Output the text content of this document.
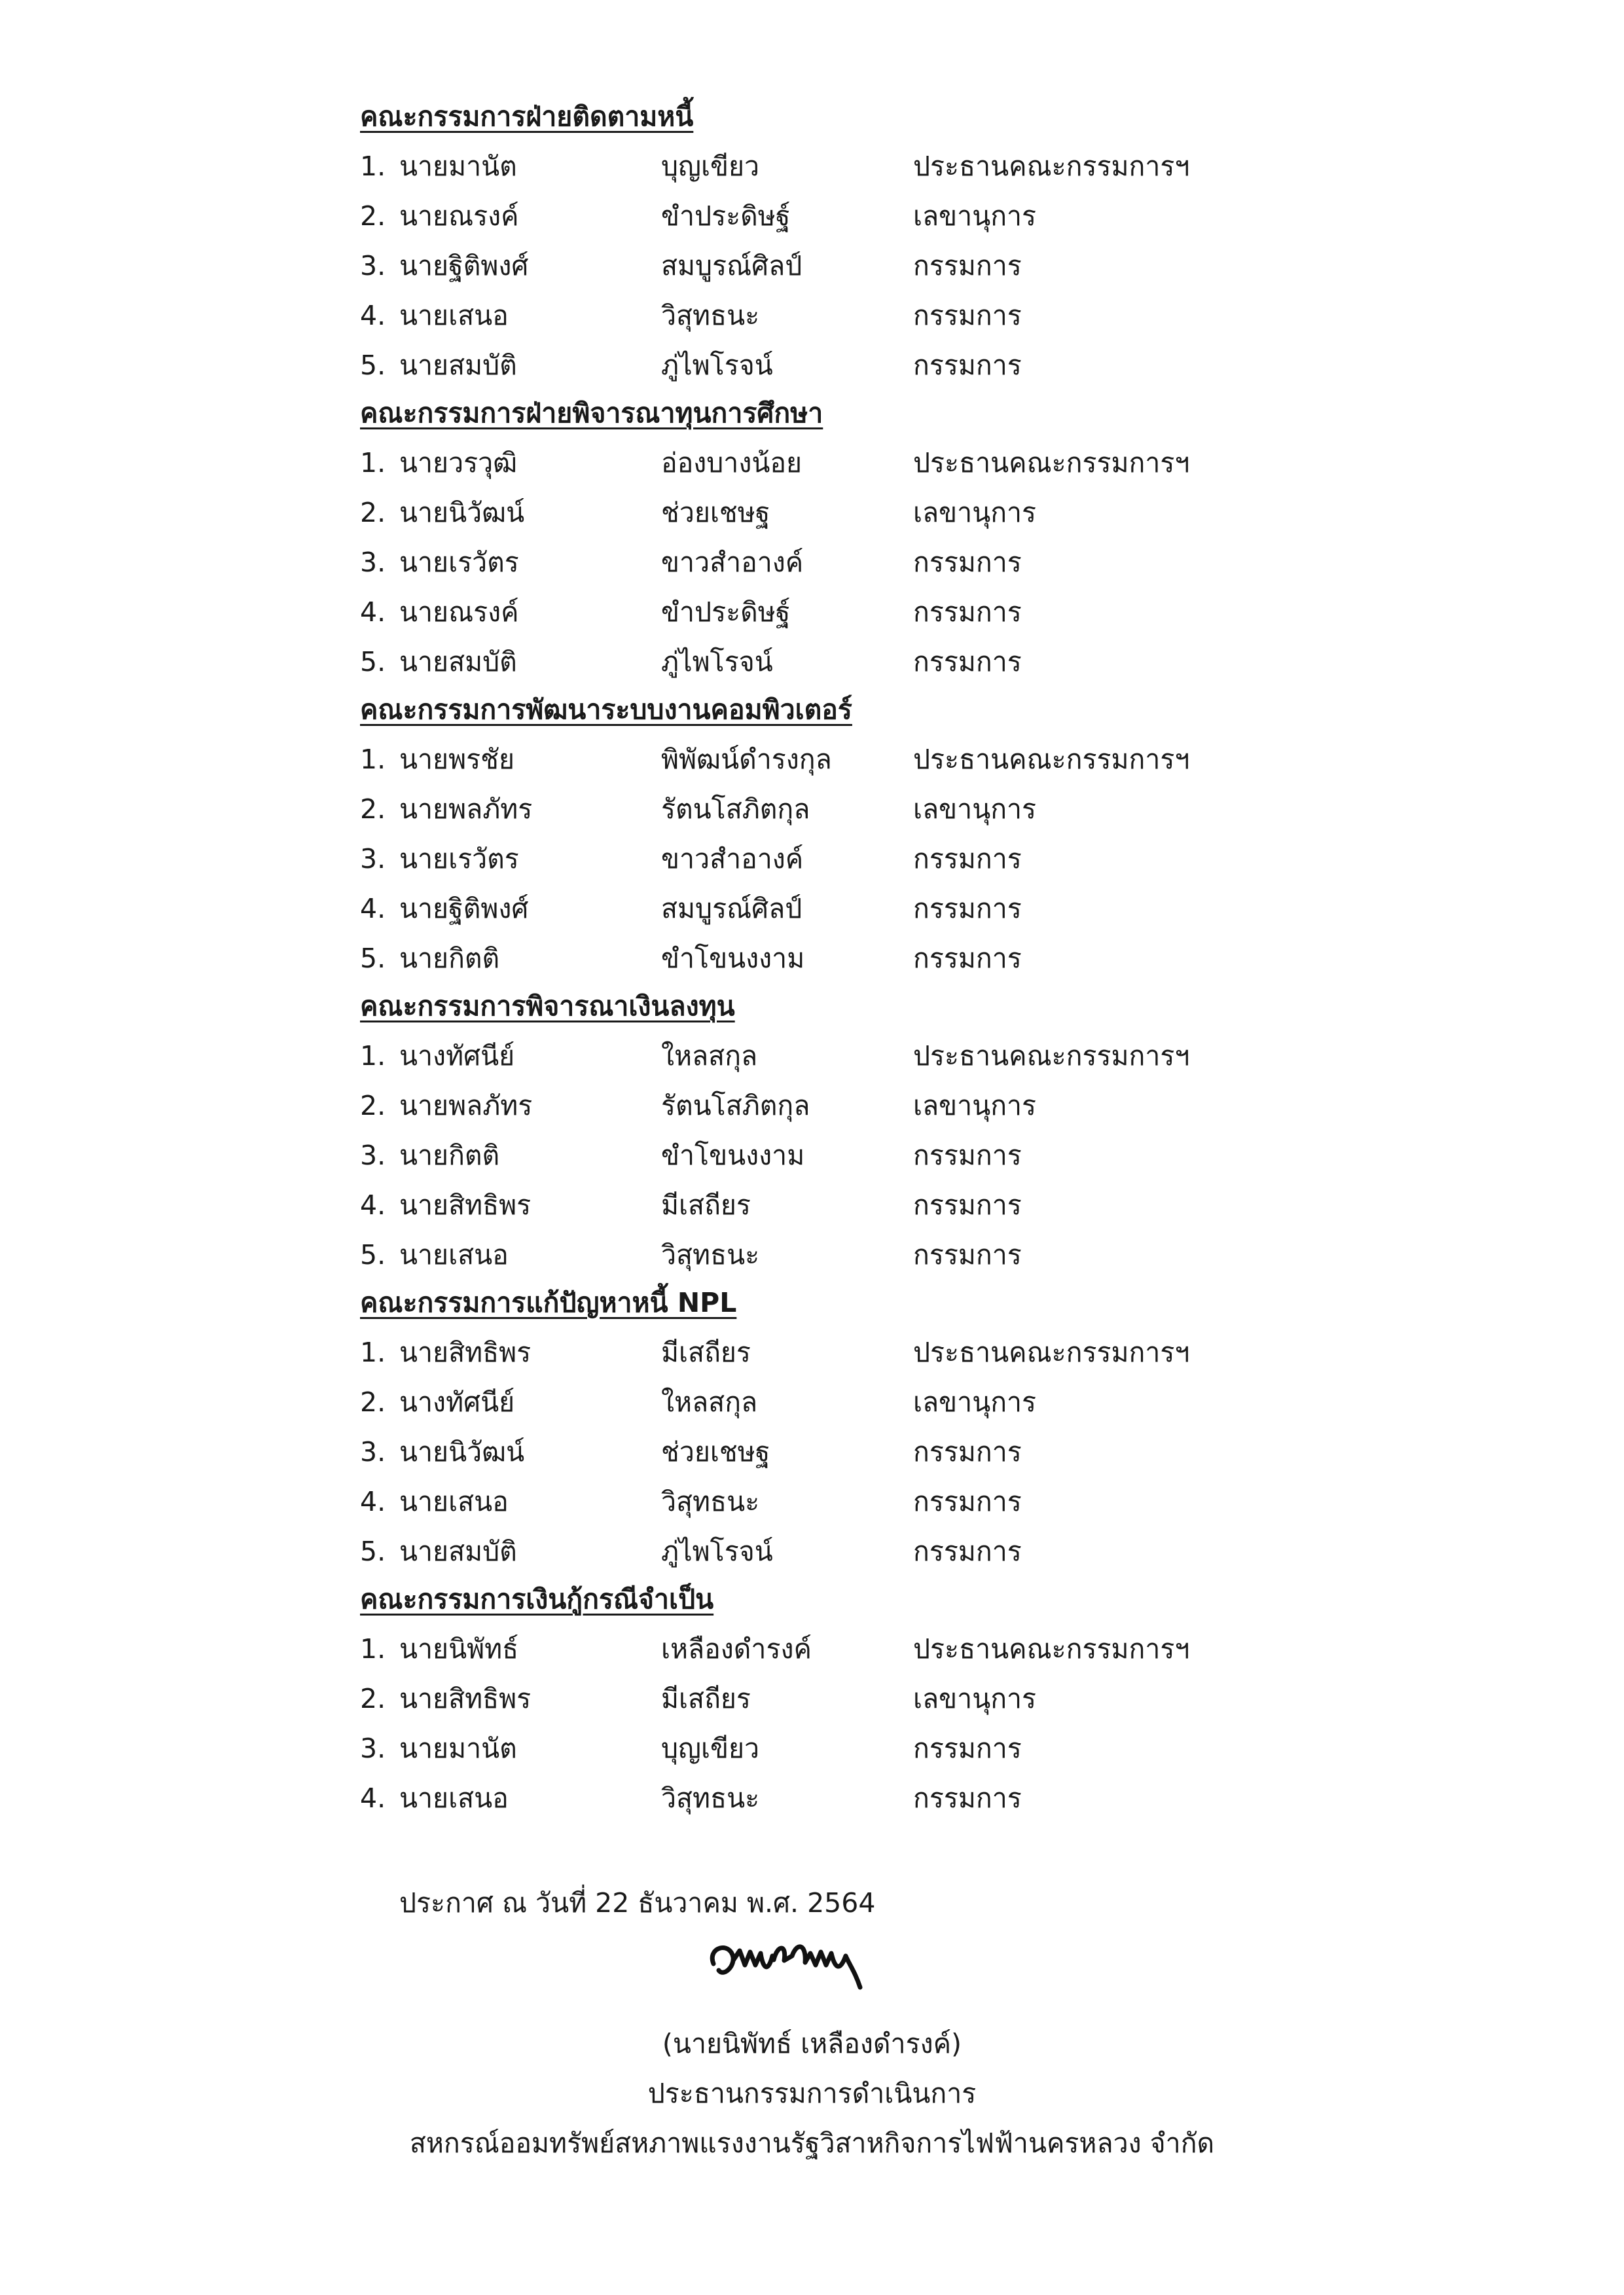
คณะกรรมการฝ่ายติดตามหนี้
1. นายมานัต	บุญเขียว	ประธานคณะกรรมการฯ
2. นายณรงค์	ขำประดิษฐ์	เลขานุการ
3. นายฐิติพงศ์	สมบูรณ์ศิลป์	กรรมการ
4. นายเสนอ	วิสุทธนะ	กรรมการ
5. นายสมบัติ	ภู่ไพโรจน์	กรรมการ
คณะกรรมการฝ่ายพิจารณาทุนการศึกษา
1. นายวรวุฒิ	อ่องบางน้อย	ประธานคณะกรรมการฯ
2. นายนิวัฒน์	ช่วยเชษฐ	เลขานุการ
3. นายเรวัตร	ขาวสำอางค์	กรรมการ
4. นายณรงค์	ขำประดิษฐ์	กรรมการ
5. นายสมบัติ	ภู่ไพโรจน์	กรรมการ
คณะกรรมการพัฒนาระบบงานคอมพิวเตอร์
1. นายพรชัย	พิพัฒน์ดำรงกุล	ประธานคณะกรรมการฯ
2. นายพลภัทร	รัตนโสภิตกุล	เลขานุการ
3. นายเรวัตร	ขาวสำอางค์	กรรมการ
4. นายฐิติพงศ์	สมบูรณ์ศิลป์	กรรมการ
5. นายกิตติ	ขำโขนงงาม	กรรมการ
คณะกรรมการพิจารณาเงินลงทุน
1. นางทัศนีย์	ใหลสกุล	ประธานคณะกรรมการฯ
2. นายพลภัทร	รัตนโสภิตกุล	เลขานุการ
3. นายกิตติ	ขำโขนงงาม	กรรมการ
4. นายสิทธิพร	มีเสถียร	กรรมการ
5. นายเสนอ	วิสุทธนะ	กรรมการ
คณะกรรมการแก้ปัญหาหนี้ NPL
1. นายสิทธิพร	มีเสถียร	ประธานคณะกรรมการฯ
2. นางทัศนีย์	ใหลสกุล	เลขานุการ
3. นายนิวัฒน์	ช่วยเชษฐ	กรรมการ
4. นายเสนอ	วิสุทธนะ	กรรมการ
5. นายสมบัติ	ภู่ไพโรจน์	กรรมการ
คณะกรรมการเงินกู้กรณีจำเป็น
1. นายนิพัทธ์	เหลืองดำรงค์	ประธานคณะกรรมการฯ
2. นายสิทธิพร	มีเสถียร	เลขานุการ
3. นายมานัต	บุญเขียว	กรรมการ
4. นายเสนอ	วิสุทธนะ	กรรมการ
ประกาศ ณ วันที่ 22 ธันวาคม พ.ศ. 2564
(นายนิพัทธ์ เหลืองดำรงค์)
ประธานกรรมการดำเนินการ
สหกรณ์ออมทรัพย์สหภาพแรงงานรัฐวิสาหกิจการไฟฟ้านครหลวง จำกัด
